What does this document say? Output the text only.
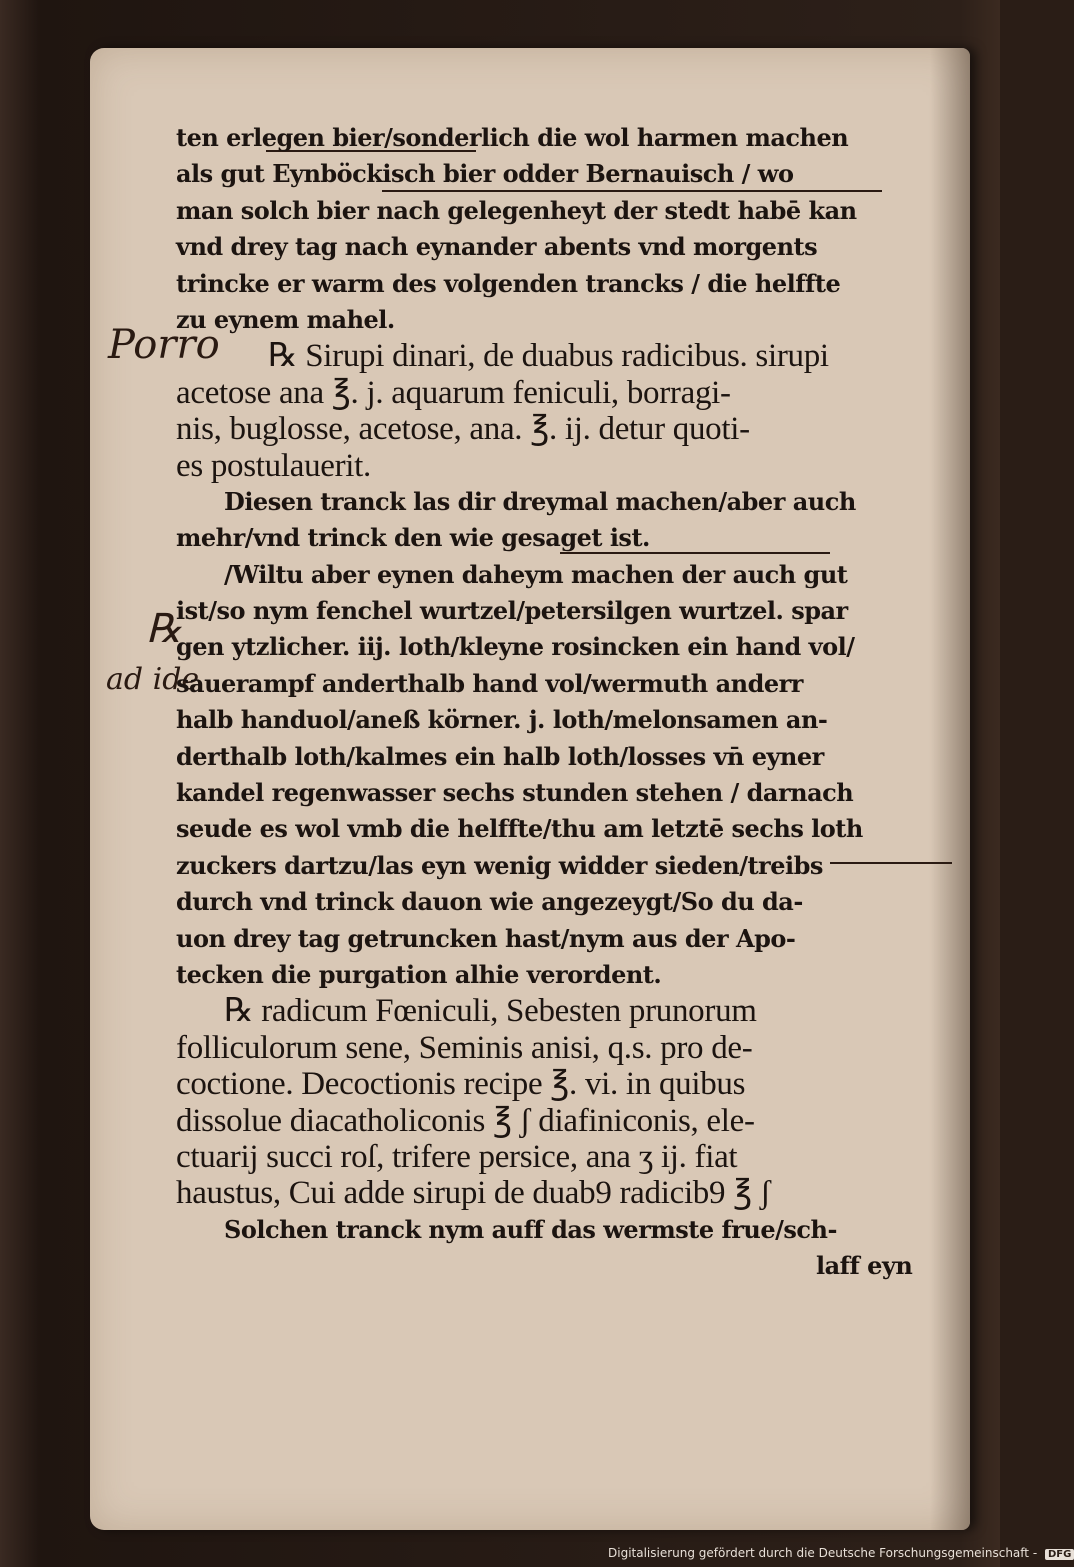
Porro
℞
ad ide
ten erlegen bier/sonderlich die wol harmen machen
als gut Eynböckisch bier odder Bernauisch / wo
man solch bier nach gelegenheyt der stedt habē kan
vnd drey tag nach eynander abents vnd morgents
trincke er warm des volgenden trancks / die helffte
zu eynem mahel.
℞ Sirupi dinari, de duabus radicibus. sirupi
acetose ana ℥. j. aquarum feniculi, borragi-
nis, buglosse, acetose, ana. ℥. ij. detur quoti-
es postulauerit.
Diesen tranck las dir dreymal machen/aber auch
mehr/vnd trinck den wie gesaget ist.
/Wiltu aber eynen daheym machen der auch gut
ist/so nym fenchel wurtzel/petersilgen wurtzel. spar
gen ytzlicher. iij. loth/kleyne rosincken ein hand vol/
sauerampf anderthalb hand vol/wermuth anderr
halb handuol/aneß körner. j. loth/melonsamen an-
derthalb loth/kalmes ein halb loth/losses vn̄ eyner
kandel regenwasser sechs stunden stehen / darnach
seude es wol vmb die helffte/thu am letztē sechs loth
zuckers dartzu/las eyn wenig widder sieden/treibs
durch vnd trinck dauon wie angezeygt/So du da-
uon drey tag getruncken hast/nym aus der Apo-
tecken die purgation alhie verordent.
℞ radicum Fœniculi, Sebesten prunorum
folliculorum sene, Seminis anisi, q.s. pro de-
coctione. Decoctionis recipe ℥. vi. in quibus
dissolue diacatholiconis ℥ ʃ diafiniconis, ele-
ctuarij succi roſ, trifere persice, ana ʒ ij. fiat
haustus, Cui adde sirupi de duab9 radicib9 ℥ ʃ
Solchen tranck nym auff das wermste frue/sch-
laff eyn
Digitalisierung gefördert durch die Deutsche Forschungsgemeinschaft - DFG
